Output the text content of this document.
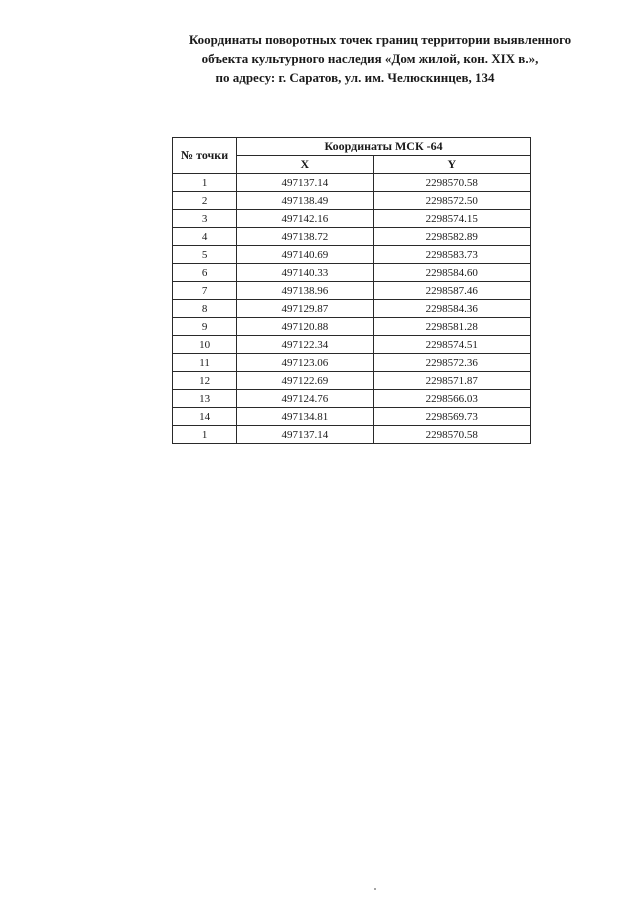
Координаты поворотных точек границ территории выявленного
объекта культурного наследия «Дом жилой, кон. XIX в.»,
по адресу: г. Саратов, ул. им. Челюскинцев, 134
№ точки	Координаты МСК -64	
	X	Y
1	497137.14	2298570.58
2	497138.49	2298572.50
3	497142.16	2298574.15
4	497138.72	2298582.89
5	497140.69	2298583.73
6	497140.33	2298584.60
7	497138.96	2298587.46
8	497129.87	2298584.36
9	497120.88	2298581.28
10	497122.34	2298574.51
11	497123.06	2298572.36
12	497122.69	2298571.87
13	497124.76	2298566.03
14	497134.81	2298569.73
1	497137.14	2298570.58
